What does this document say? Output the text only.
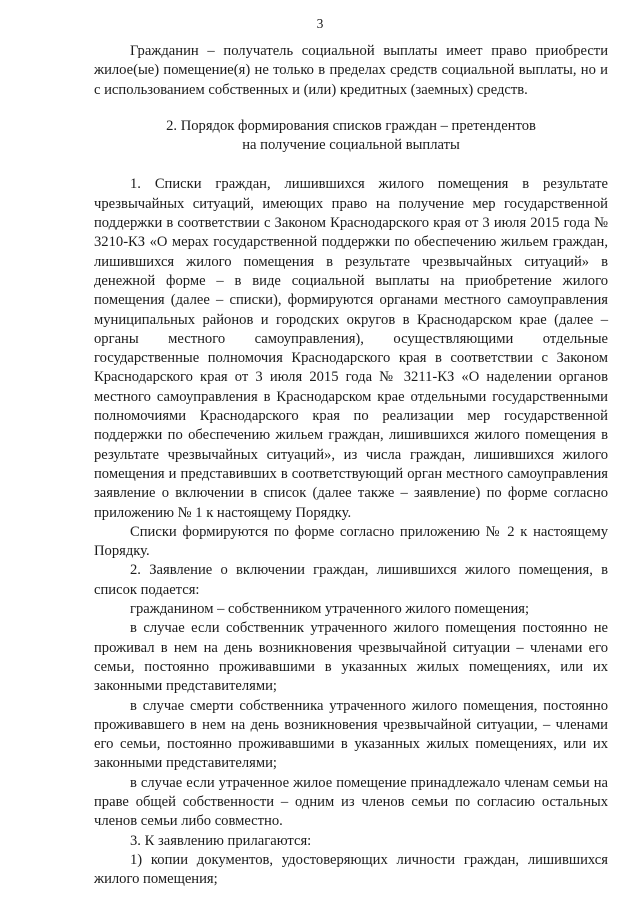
3

Гражданин – получатель социальной выплаты имеет право приобрести жилое(ые) помещение(я) не только в пределах средств социальной выплаты, но и с использованием собственных и (или) кредитных (заемных) средств.

2. Порядок формирования списков граждан – претендентов
на получение социальной выплаты

1. Списки граждан, лишившихся жилого помещения в результате чрезвычайных ситуаций, имеющих право на получение мер государственной поддержки в соответствии с Законом Краснодарского края от 3 июля 2015 года № 3210-КЗ «О мерах государственной поддержки по обеспечению жильем граждан, лишившихся жилого помещения в результате чрезвычайных ситуаций» в денежной форме – в виде социальной выплаты на приобретение жилого помещения (далее – списки), формируются органами местного самоуправления муниципальных районов и городских округов в Краснодарском крае (далее – органы местного самоуправления), осуществляющими отдельные государственные полномочия Краснодарского края в соответствии с Законом Краснодарского края от 3 июля 2015 года № 3211-КЗ «О наделении органов местного самоуправления в Краснодарском крае отдельными государственными полномочиями Краснодарского края по реализации мер государственной поддержки по обеспечению жильем граждан, лишившихся жилого помещения в результате чрезвычайных ситуаций», из числа граждан, лишившихся жилого помещения и представивших в соответствующий орган местного самоуправления заявление о включении в список (далее также – заявление) по форме согласно приложению № 1 к настоящему Порядку.

Списки формируются по форме согласно приложению № 2 к настоящему Порядку.

2. Заявление о включении граждан, лишившихся жилого помещения, в список подается:

гражданином – собственником утраченного жилого помещения;

в случае если собственник утраченного жилого помещения постоянно не проживал в нем на день возникновения чрезвычайной ситуации – членами его семьи, постоянно проживавшими в указанных жилых помещениях, или их законными представителями;

в случае смерти собственника утраченного жилого помещения, постоянно проживавшего в нем на день возникновения чрезвычайной ситуации, – членами его семьи, постоянно проживавшими в указанных жилых помещениях, или их законными представителями;

в случае если утраченное жилое помещение принадлежало членам семьи на праве общей собственности – одним из членов семьи по согласию остальных членов семьи либо совместно.

3. К заявлению прилагаются:

1) копии документов, удостоверяющих личности граждан, лишившихся жилого помещения;
